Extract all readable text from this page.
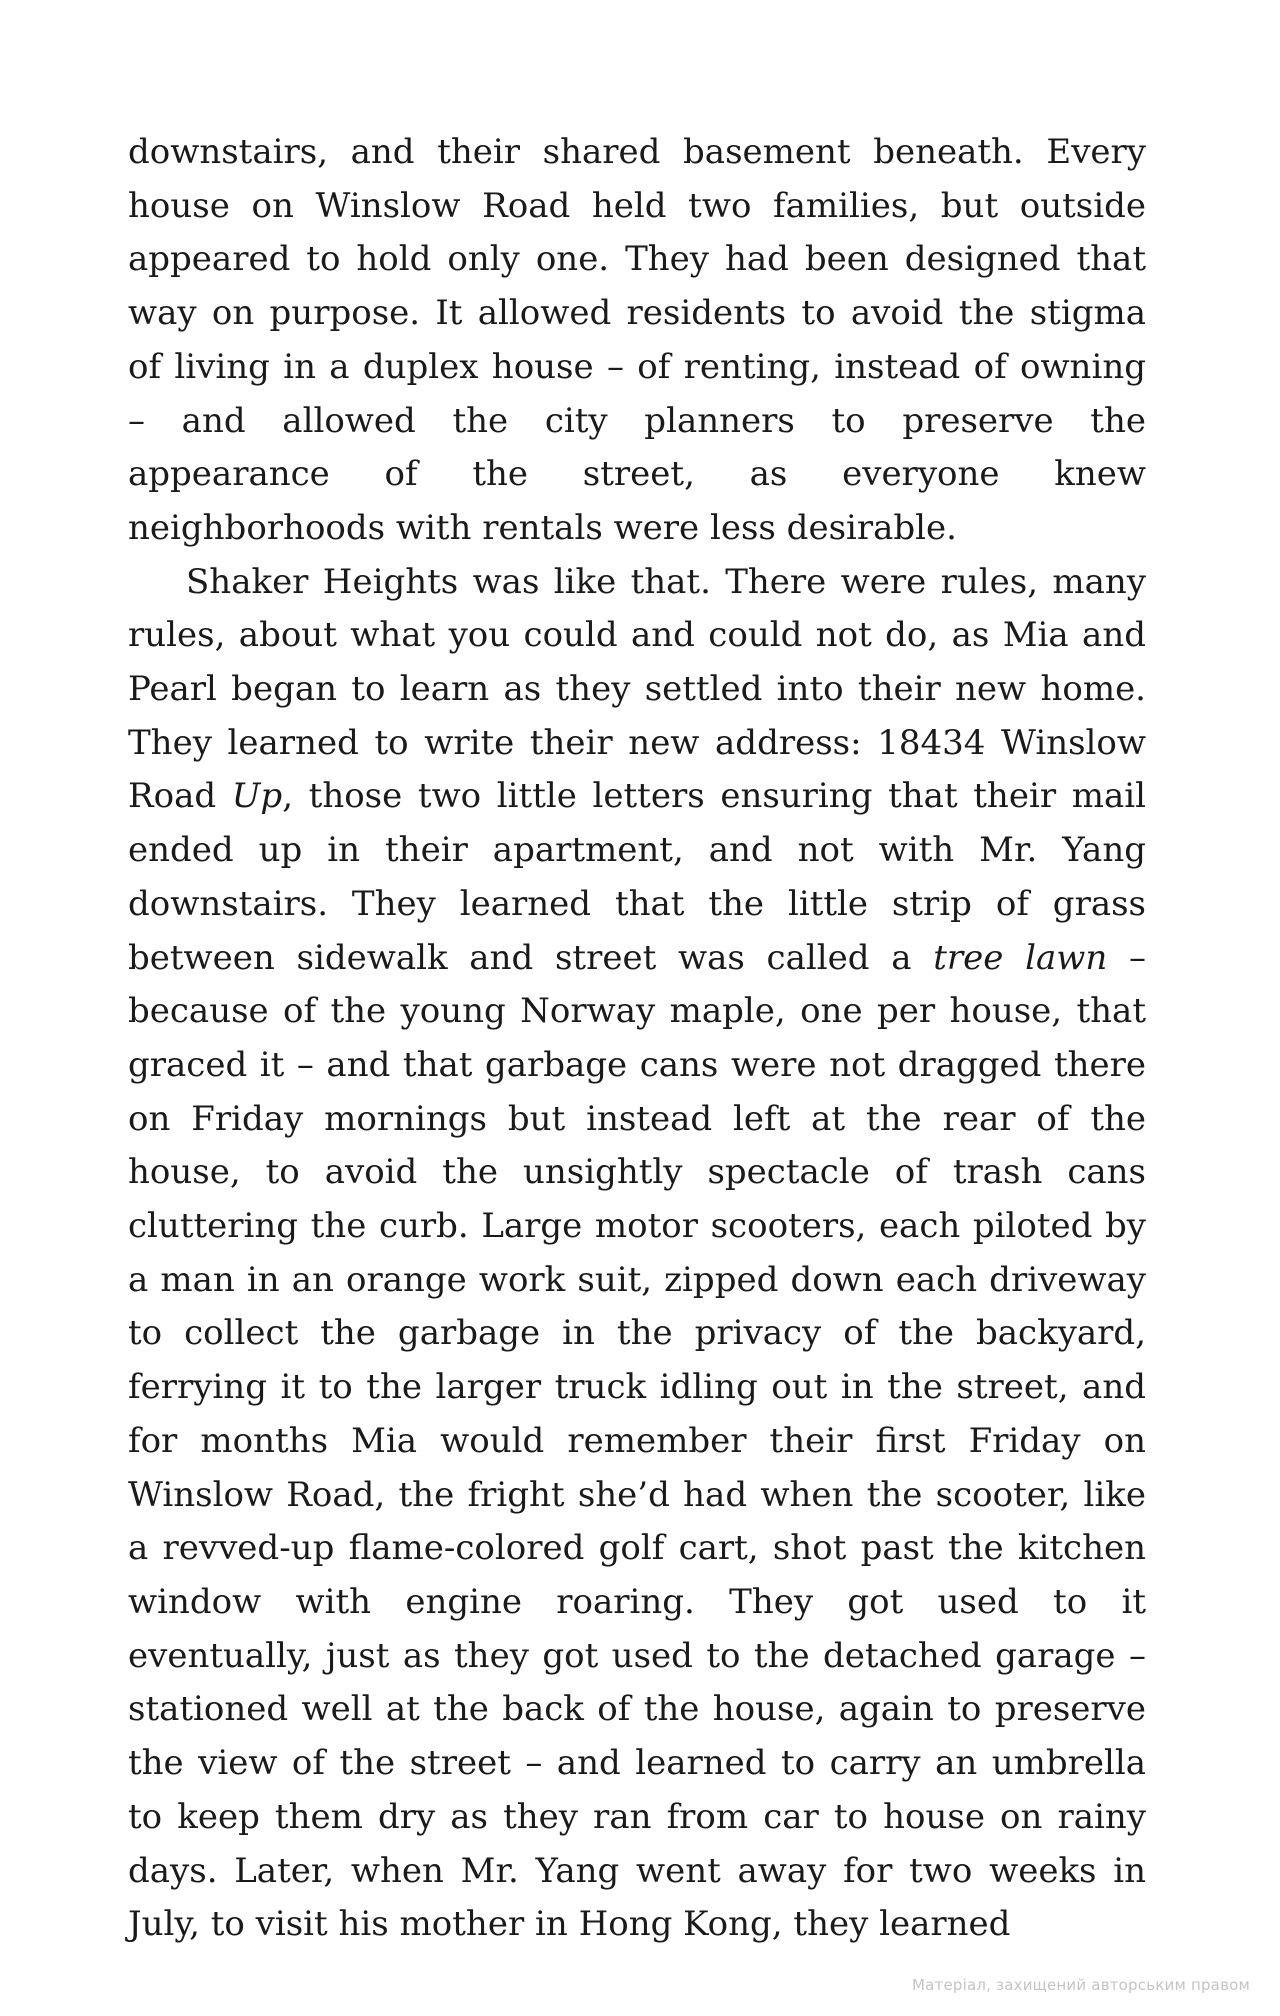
downstairs, and their shared basement beneath. Every house on Winslow Road held two families, but outside appeared to hold only one. They had been designed that way on purpose. It allowed residents to avoid the stigma of living in a duplex house – of renting, instead of owning – and allowed the city planners to preserve the appearance of the street, as everyone knew neighborhoods with rentals were less desirable.

Shaker Heights was like that. There were rules, many rules, about what you could and could not do, as Mia and Pearl began to learn as they settled into their new home. They learned to write their new address: 18434 Winslow Road Up, those two little letters ensuring that their mail ended up in their apartment, and not with Mr. Yang downstairs. They learned that the little strip of grass between sidewalk and street was called a tree lawn – because of the young Norway maple, one per house, that graced it – and that garbage cans were not dragged there on Friday mornings but instead left at the rear of the house, to avoid the unsightly spectacle of trash cans cluttering the curb. Large motor scooters, each piloted by a man in an orange work suit, zipped down each driveway to collect the garbage in the privacy of the backyard, ferrying it to the larger truck idling out in the street, and for months Mia would remember their first Friday on Winslow Road, the fright she’d had when the scooter, like a revved-up flame-colored golf cart, shot past the kitchen window with engine roaring. They got used to it eventually, just as they got used to the detached garage – stationed well at the back of the house, again to preserve the view of the street – and learned to carry an umbrella to keep them dry as they ran from car to house on rainy days. Later, when Mr. Yang went away for two weeks in July, to visit his mother in Hong Kong, they learned

Матеріал, захищений авторським правом
